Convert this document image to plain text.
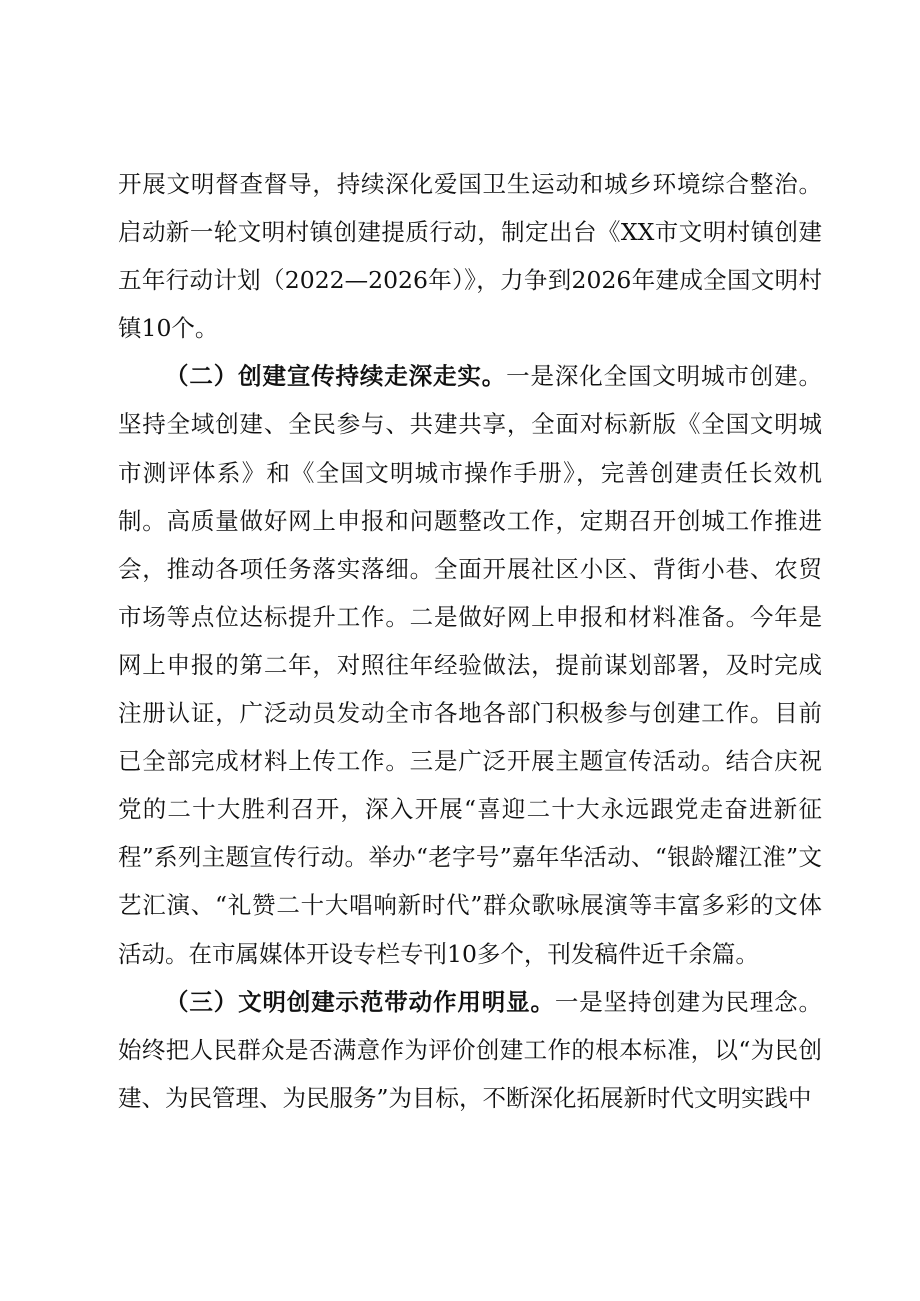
开展文明督查督导，持续深化爱国卫生运动和城乡环境综合整治。启动新一轮文明村镇创建提质行动，制定出台《XX市文明村镇创建五年行动计划（2022—2026年）》，力争到2026年建成全国文明村镇10个。

（二）创建宣传持续走深走实。一是深化全国文明城市创建。坚持全域创建、全民参与、共建共享，全面对标新版《全国文明城市测评体系》和《全国文明城市操作手册》，完善创建责任长效机制。高质量做好网上申报和问题整改工作，定期召开创城工作推进会，推动各项任务落实落细。全面开展社区小区、背街小巷、农贸市场等点位达标提升工作。二是做好网上申报和材料准备。今年是网上申报的第二年，对照往年经验做法，提前谋划部署，及时完成注册认证，广泛动员发动全市各地各部门积极参与创建工作。目前已全部完成材料上传工作。三是广泛开展主题宣传活动。结合庆祝党的二十大胜利召开，深入开展“喜迎二十大永远跟党走奋进新征程”系列主题宣传行动。举办“老字号”嘉年华活动、“银龄耀江淮”文艺汇演、“礼赞二十大唱响新时代”群众歌咏展演等丰富多彩的文体活动。在市属媒体开设专栏专刊10多个，刊发稿件近千余篇。

（三）文明创建示范带动作用明显。一是坚持创建为民理念。始终把人民群众是否满意作为评价创建工作的根本标准，以“为民创建、为民管理、为民服务”为目标，不断深化拓展新时代文明实践中
